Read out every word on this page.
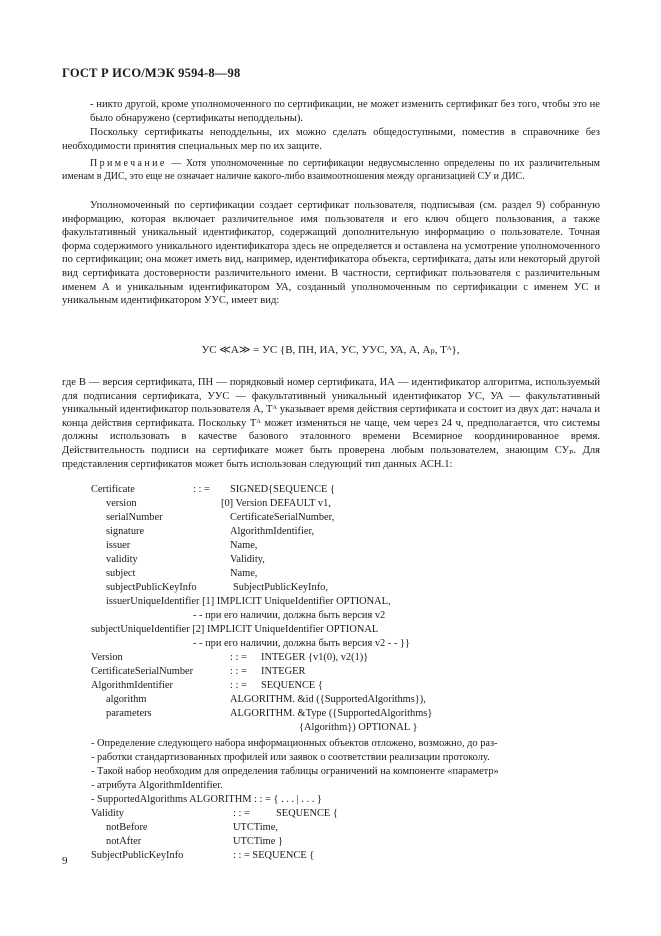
ГОСТ Р ИСО/МЭК 9594-8—98
- никто другой, кроме уполномоченного по сертификации, не может изменить сертификат без того, чтобы это не было обнаружено (сертификаты неподдельны).
Поскольку сертификаты неподдельны, их можно сделать общедоступными, поместив в справочнике без необходимости принятия специальных мер по их защите.
Примечание — Хотя уполномоченные по сертификации недвусмысленно определены по их различительным именам в ДИС, это еще не означает наличие какого-либо взаимоотношения между организацией СУ и ДИС.
Уполномоченный по сертификации создает сертификат пользователя, подписывая (см. раздел 9) собранную информацию, которая включает различительное имя пользователя и его ключ общего пользования, а также факультативный уникальный идентификатор, содержащий дополнительную информацию о пользователе. Точная форма содержимого уникального идентификатора здесь не определяется и оставлена на усмотрение уполномоченного по сертификации; она может иметь вид, например, идентификатора объекта, сертификата, даты или некоторый другой вид сертификата достоверности различительного имени. В частности, сертификат пользователя с различительным именем А и уникальным идентификатором УА, созданный уполномоченным по сертификации с именем УС и уникальным идентификатором УУС, имеет вид:
УС ≪А≫ = УС {В, ПН, ИА, УС, УУС, УА, А, Aₚ, Tᴬ},
где В — версия сертификата, ПН — порядковый номер сертификата, ИА — идентификатор алгоритма, используемый для подписания сертификата, УУС — факультативный уникальный идентификатор УС, УА — факультативный уникальный идентификатор пользователя А, Tᴬ указывает время действия сертификата и состоит из двух дат: начала и конца действия сертификата. Поскольку Tᴬ может изменяться не чаще, чем через 24 ч, предполагается, что системы должны использовать в качестве базового эталонного времени Всемирное координированное время. Действительность подписи на сертификате может быть проверена любым пользователем, знающим СУₚ. Для представления сертификатов может быть использован следующий тип данных АСН.1:
Certificate	: : = SIGNED{SEQUENCE {
version	[0] Version DEFAULT v1,
serialNumber	CertificateSerialNumber,
signature	AlgorithmIdentifier,
issuer	Name,
validity	Validity,
subject	Name,
subjectPublicKeyInfo	SubjectPublicKeyInfo,
issuerUniqueIdentifier [1] IMPLICIT UniqueIdentifier OPTIONAL,
- - при его наличии, должна быть версия v2
subjectUniqueIdentifier [2] IMPLICIT UniqueIdentifier OPTIONAL
- - при его наличии, должна быть версия v2 - - }}
Version	: : = INTEGER {v1(0), v2(1)}
CertificateSerialNumber	: : = INTEGER
AlgorithmIdentifier	: : = SEQUENCE {
algorithm	ALGORITHM. &id ({SupportedAlgorithms}),
parameters	ALGORITHM. &Type ({SupportedAlgorithms}
{Algorithm}) OPTIONAL }
- Определение следующего набора информационных объектов отложено, возможно, до раз-
- работки стандартизованных профилей или заявок о соответствии реализации протоколу.
- Такой набор необходим для определения таблицы ограничений на компоненте «параметр»
- атрибута AlgorithmIdentifier.
- SupportedAlgorithms ALGORITHM : : = { . . . | . . . }
Validity	: : =	SEQUENCE {
notBefore	UTCTime,
notAfter	UTCTime }
SubjectPublicKeyInfo	: : = SEQUENCE {
9
